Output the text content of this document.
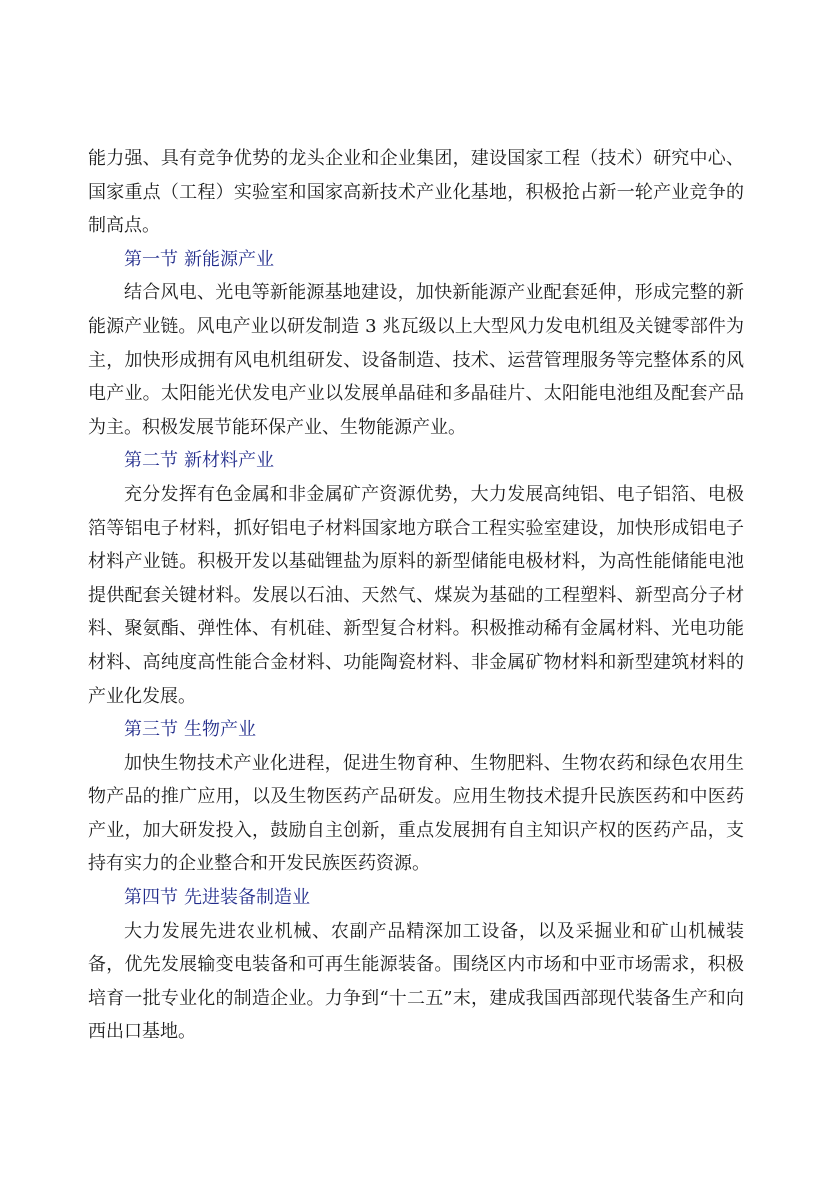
能力强、具有竞争优势的龙头企业和企业集团，建设国家工程（技术）研究中心、国家重点（工程）实验室和国家高新技术产业化基地，积极抢占新一轮产业竞争的制高点。

第一节 新能源产业

结合风电、光电等新能源基地建设，加快新能源产业配套延伸，形成完整的新能源产业链。风电产业以研发制造 3 兆瓦级以上大型风力发电机组及关键零部件为主，加快形成拥有风电机组研发、设备制造、技术、运营管理服务等完整体系的风电产业。太阳能光伏发电产业以发展单晶硅和多晶硅片、太阳能电池组及配套产品为主。积极发展节能环保产业、生物能源产业。

第二节 新材料产业

充分发挥有色金属和非金属矿产资源优势，大力发展高纯铝、电子铝箔、电极箔等铝电子材料，抓好铝电子材料国家地方联合工程实验室建设，加快形成铝电子材料产业链。积极开发以基础锂盐为原料的新型储能电极材料，为高性能储能电池提供配套关键材料。发展以石油、天然气、煤炭为基础的工程塑料、新型高分子材料、聚氨酯、弹性体、有机硅、新型复合材料。积极推动稀有金属材料、光电功能材料、高纯度高性能合金材料、功能陶瓷材料、非金属矿物材料和新型建筑材料的产业化发展。

第三节 生物产业

加快生物技术产业化进程，促进生物育种、生物肥料、生物农药和绿色农用生物产品的推广应用，以及生物医药产品研发。应用生物技术提升民族医药和中医药产业，加大研发投入，鼓励自主创新，重点发展拥有自主知识产权的医药产品，支持有实力的企业整合和开发民族医药资源。

第四节 先进装备制造业

大力发展先进农业机械、农副产品精深加工设备，以及采掘业和矿山机械装备，优先发展输变电装备和可再生能源装备。围绕区内市场和中亚市场需求，积极培育一批专业化的制造企业。力争到“十二五”末，建成我国西部现代装备生产和向西出口基地。
